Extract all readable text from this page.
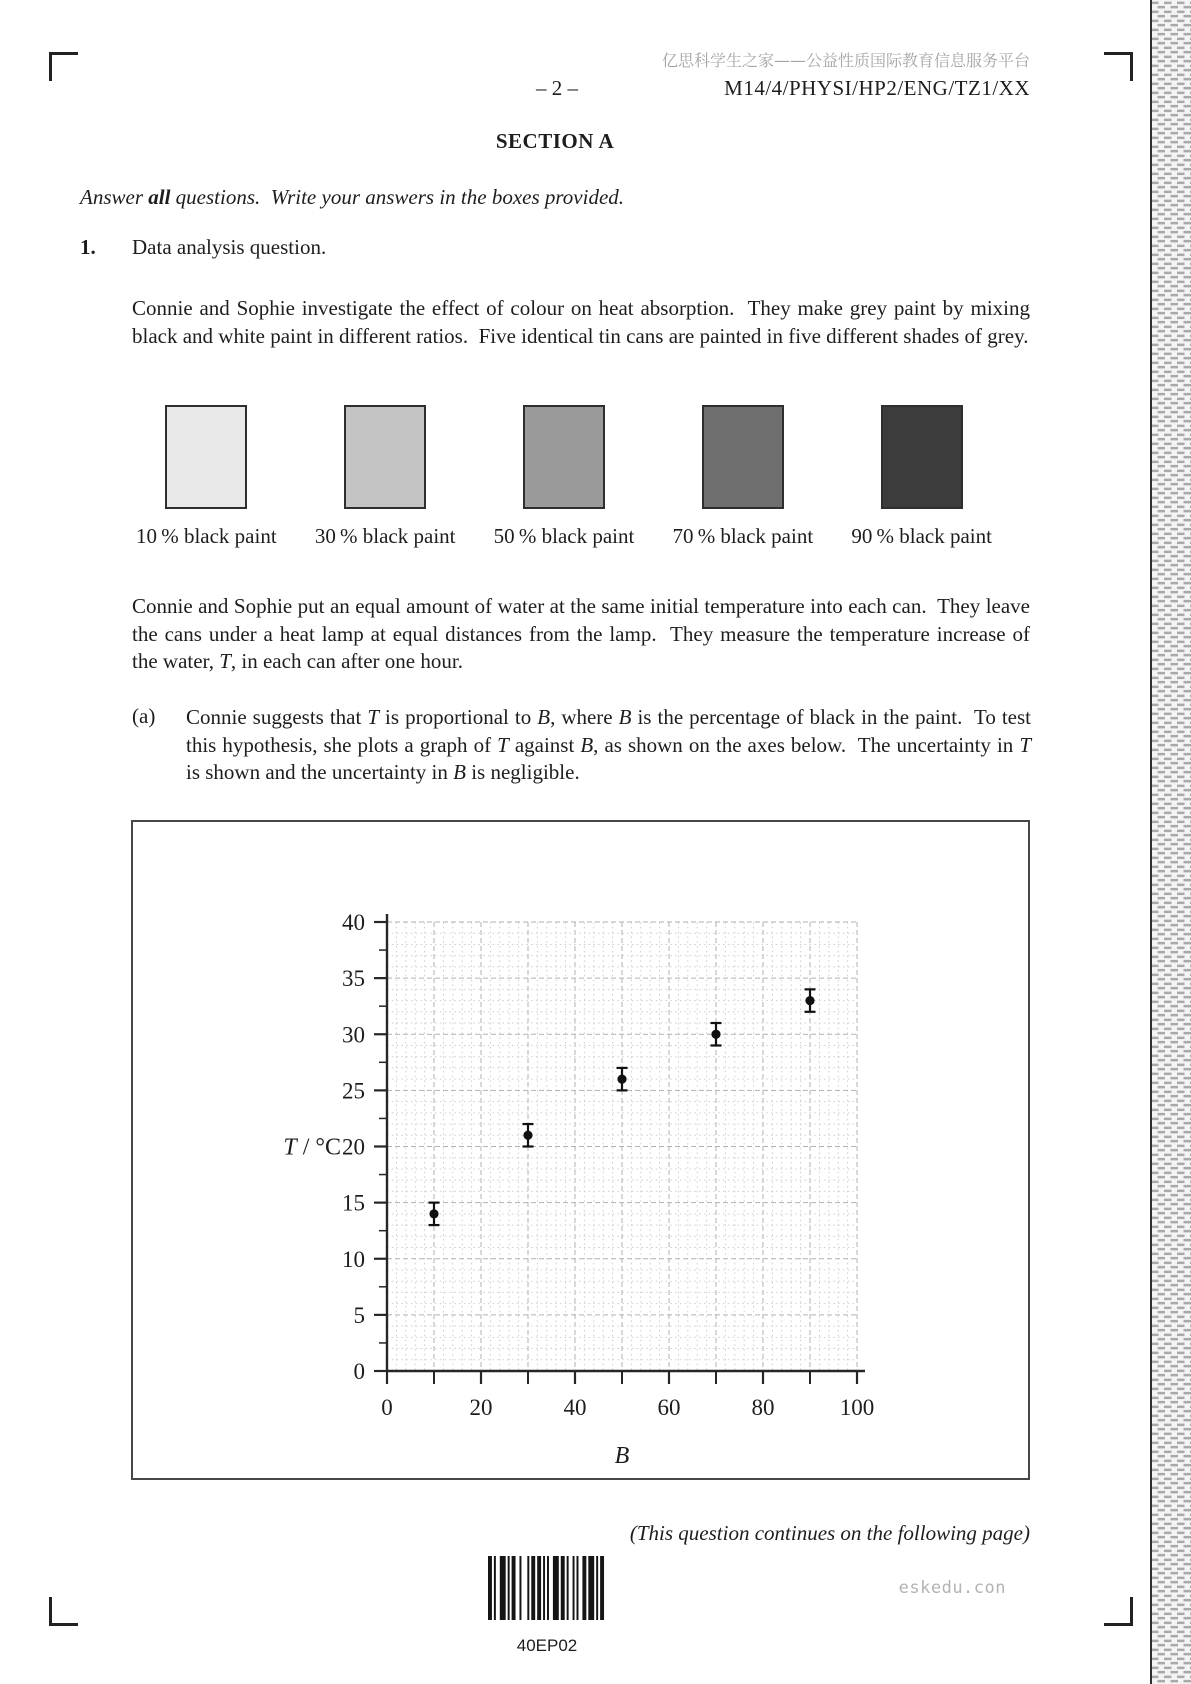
亿思科学生之家——公益性质国际教育信息服务平台
– 2 –	M14/4/PHYSI/HP2/ENG/TZ1/XX
SECTION A
Answer all questions.  Write your answers in the boxes provided.
1. Data analysis question.
Connie and Sophie investigate the effect of colour on heat absorption.  They make grey paint by mixing black and white paint in different ratios.  Five identical tin cans are painted in five different shades of grey.
10 % black paint 30 % black paint 50 % black paint 70 % black paint 90 % black paint
Connie and Sophie put an equal amount of water at the same initial temperature into each can.  They leave the cans under a heat lamp at equal distances from the lamp.  They measure the temperature increase of the water, T, in each can after one hour.
(a) Connie suggests that T is proportional to B, where B is the percentage of black in the paint.  To test this hypothesis, she plots a graph of T against B, as shown on the axes below.  The uncertainty in T is shown and the uncertainty in B is negligible.
0
5
10
15
20
25
30
35
40
0	20	40	60	80	100
T / °C
B
(This question continues on the following page)
40EP02
eskedu.con
